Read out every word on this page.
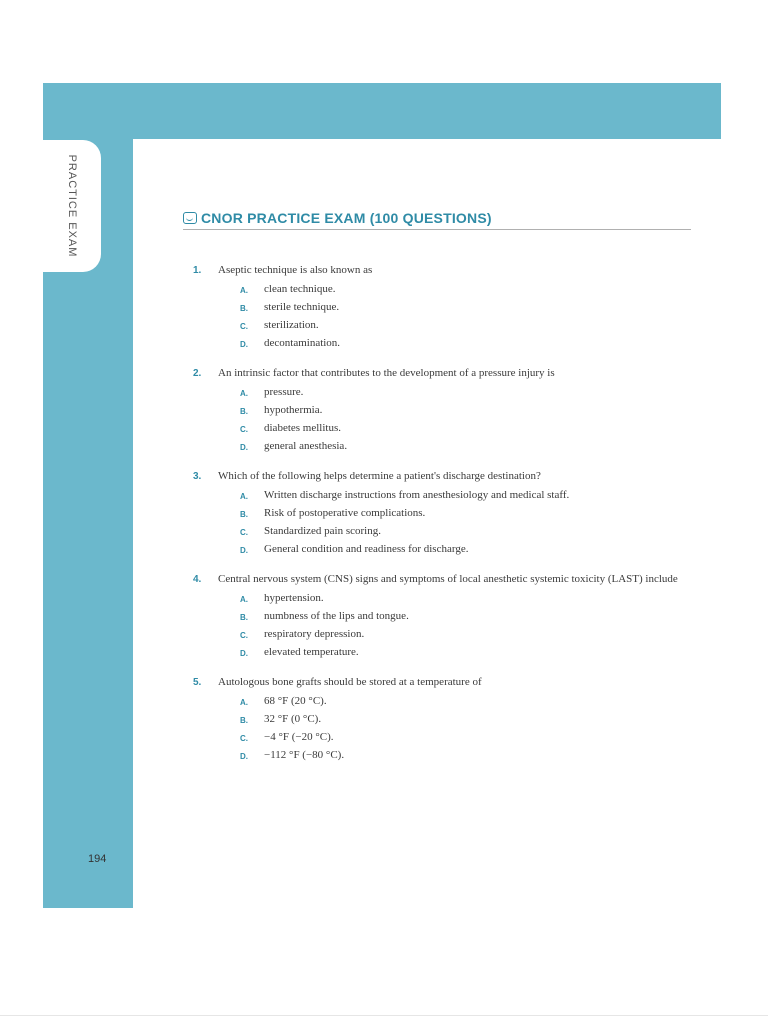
PRACTICE EXAM
194
CNOR PRACTICE EXAM (100 QUESTIONS)
1.	Aseptic technique is also known as
A.	clean technique.
B.	sterile technique.
C.	sterilization.
D.	decontamination.
2.	An intrinsic factor that contributes to the development of a pressure injury is
A.	pressure.
B.	hypothermia.
C.	diabetes mellitus.
D.	general anesthesia.
3.	Which of the following helps determine a patient's discharge destination?
A.	Written discharge instructions from anesthesiology and medical staff.
B.	Risk of postoperative complications.
C.	Standardized pain scoring.
D.	General condition and readiness for discharge.
4.	Central nervous system (CNS) signs and symptoms of local anesthetic systemic toxicity (LAST) include
A.	hypertension.
B.	numbness of the lips and tongue.
C.	respiratory depression.
D.	elevated temperature.
5.	Autologous bone grafts should be stored at a temperature of
A.	68 °F (20 °C).
B.	32 °F (0 °C).
C.	−4 °F (−20 °C).
D.	−112 °F (−80 °C).
